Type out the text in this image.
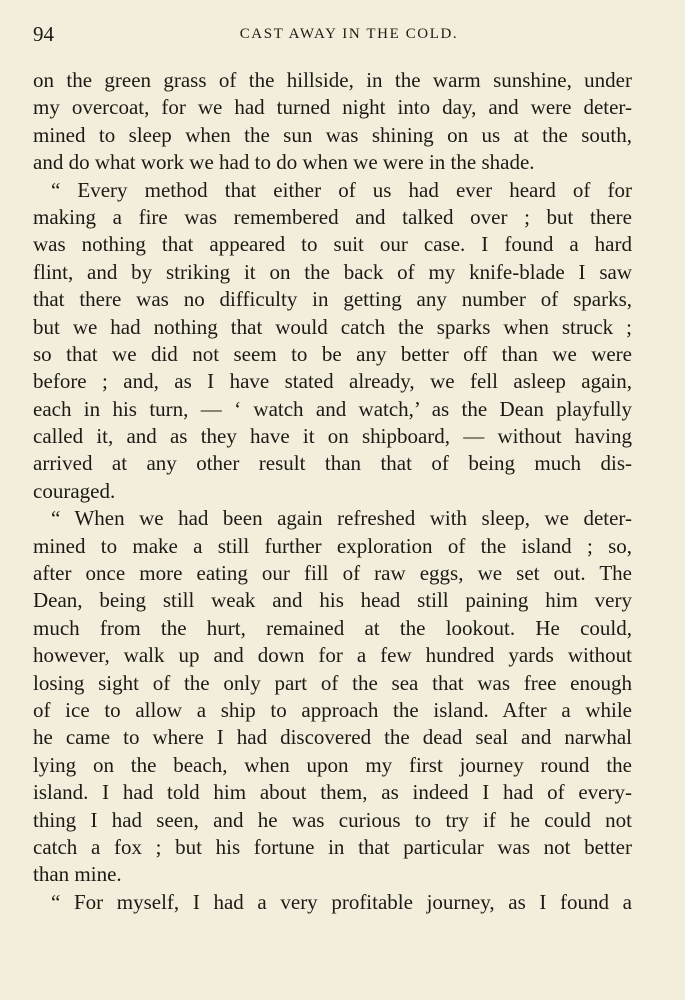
94	CAST AWAY IN THE COLD.
on the green grass of the hillside, in the warm sunshine, under
my overcoat, for we had turned night into day, and were deter-
mined to sleep when the sun was shining on us at the south,
and do what work we had to do when we were in the shade.
“ Every method that either of us had ever heard of for
making a fire was remembered and talked over ; but there
was nothing that appeared to suit our case. I found a hard
flint, and by striking it on the back of my knife-blade I saw
that there was no difficulty in getting any number of sparks,
but we had nothing that would catch the sparks when struck ;
so that we did not seem to be any better off than we were
before ; and, as I have stated already, we fell asleep again,
each in his turn, — ‘ watch and watch,’ as the Dean playfully
called it, and as they have it on shipboard, — without having
arrived at any other result than that of being much dis-
couraged.
“ When we had been again refreshed with sleep, we deter-
mined to make a still further exploration of the island ; so,
after once more eating our fill of raw eggs, we set out. The
Dean, being still weak and his head still paining him very
much from the hurt, remained at the lookout. He could,
however, walk up and down for a few hundred yards without
losing sight of the only part of the sea that was free enough
of ice to allow a ship to approach the island. After a while
he came to where I had discovered the dead seal and narwhal
lying on the beach, when upon my first journey round the
island. I had told him about them, as indeed I had of every-
thing I had seen, and he was curious to try if he could not
catch a fox ; but his fortune in that particular was not better
than mine.
“ For myself, I had a very profitable journey, as I found a
